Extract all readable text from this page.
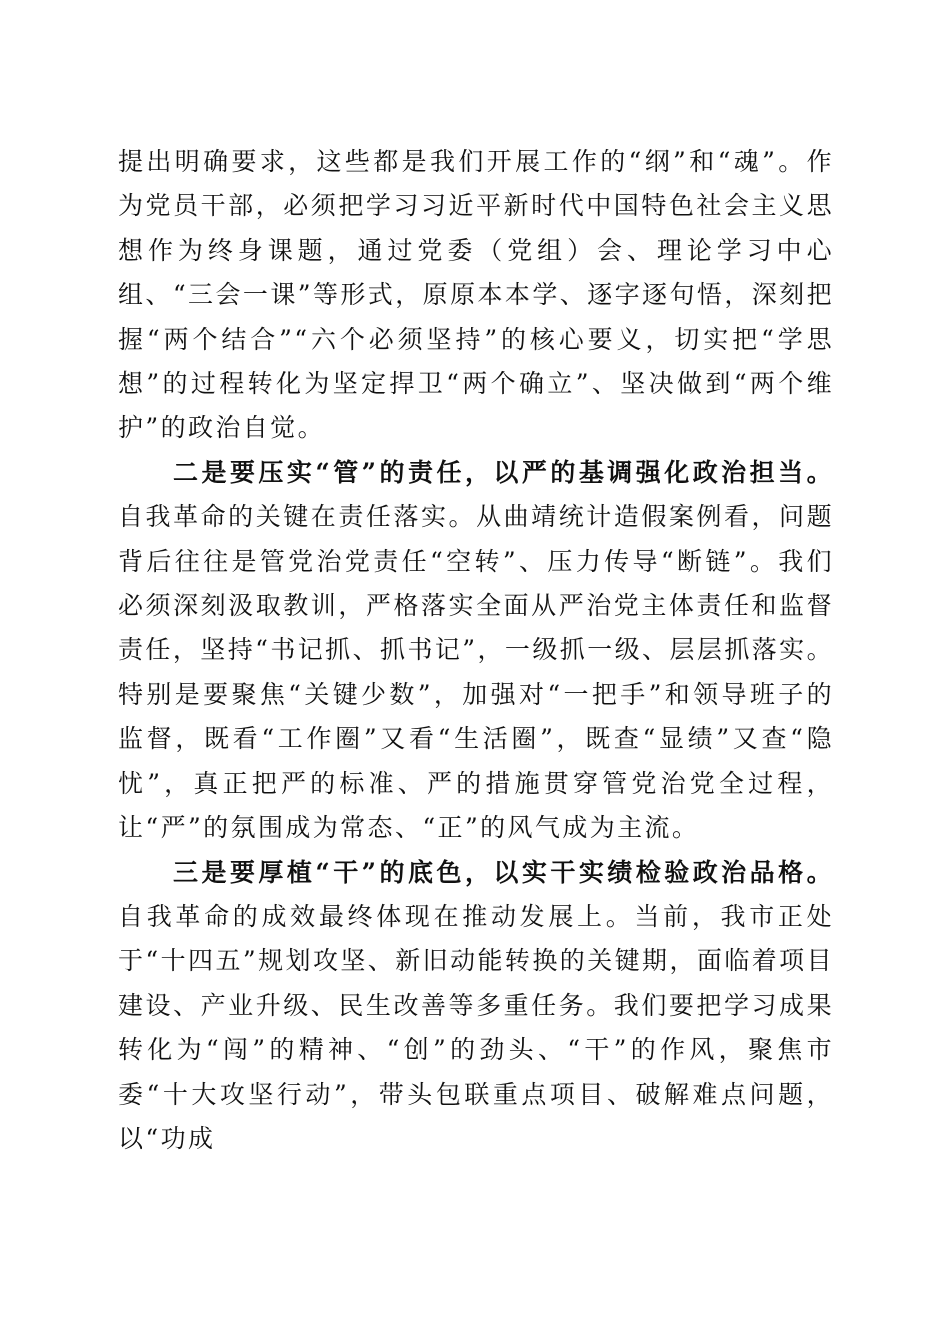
提出明确要求，这些都是我们开展工作的“纲”和“魂”。作为党员干部，必须把学习习近平新时代中国特色社会主义思想作为终身课题，通过党委（党组）会、理论学习中心组、“三会一课”等形式，原原本本学、逐字逐句悟，深刻把握“两个结合”“六个必须坚持”的核心要义，切实把“学思想”的过程转化为坚定捍卫“两个确立”、坚决做到“两个维护”的政治自觉。

二是要压实“管”的责任，以严的基调强化政治担当。自我革命的关键在责任落实。从曲靖统计造假案例看，问题背后往往是管党治党责任“空转”、压力传导“断链”。我们必须深刻汲取教训，严格落实全面从严治党主体责任和监督责任，坚持“书记抓、抓书记”，一级抓一级、层层抓落实。特别是要聚焦“关键少数”，加强对“一把手”和领导班子的监督，既看“工作圈”又看“生活圈”，既查“显绩”又查“隐忧”，真正把严的标准、严的措施贯穿管党治党全过程，让“严”的氛围成为常态、“正”的风气成为主流。

三是要厚植“干”的底色，以实干实绩检验政治品格。自我革命的成效最终体现在推动发展上。当前，我市正处于“十四五”规划攻坚、新旧动能转换的关键期，面临着项目建设、产业升级、民生改善等多重任务。我们要把学习成果转化为“闯”的精神、“创”的劲头、“干”的作风，聚焦市委“十大攻坚行动”，带头包联重点项目、破解难点问题，以“功成
